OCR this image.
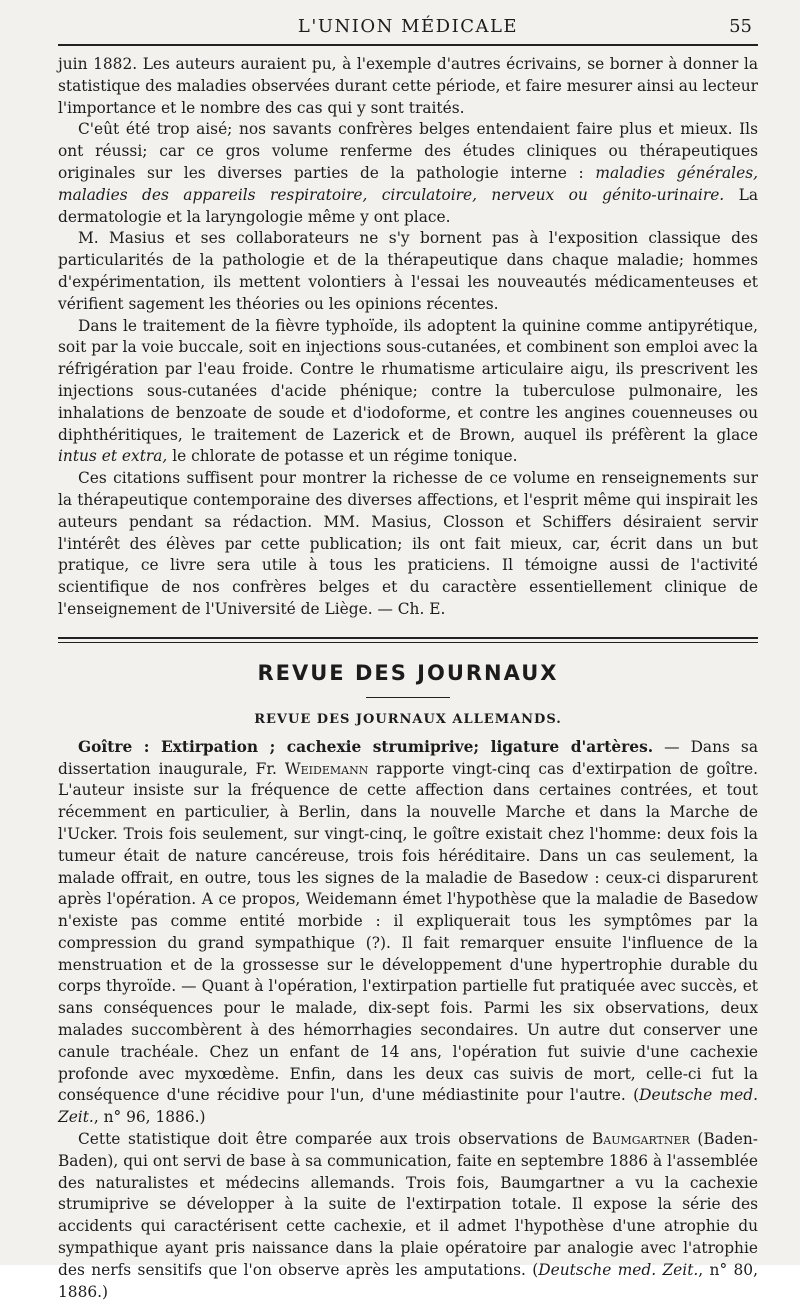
L'UNION MÉDICALE	55

juin 1882. Les auteurs auraient pu, à l'exemple d'autres écrivains, se borner à donner la statistique des maladies observées durant cette période, et faire mesurer ainsi au lecteur l'importance et le nombre des cas qui y sont traités.

C'eût été trop aisé; nos savants confrères belges entendaient faire plus et mieux. Ils ont réussi; car ce gros volume renferme des études cliniques ou thérapeutiques originales sur les diverses parties de la pathologie interne : maladies générales, maladies des appareils respiratoire, circulatoire, nerveux ou génito-urinaire. La dermatologie et la laryngologie même y ont place.

M. Masius et ses collaborateurs ne s'y bornent pas à l'exposition classique des particularités de la pathologie et de la thérapeutique dans chaque maladie; hommes d'expérimentation, ils mettent volontiers à l'essai les nouveautés médicamenteuses et vérifient sagement les théories ou les opinions récentes.

Dans le traitement de la fièvre typhoïde, ils adoptent la quinine comme antipyrétique, soit par la voie buccale, soit en injections sous-cutanées, et combinent son emploi avec la réfrigération par l'eau froide. Contre le rhumatisme articulaire aigu, ils prescrivent les injections sous-cutanées d'acide phénique; contre la tuberculose pulmonaire, les inhalations de benzoate de soude et d'iodoforme, et contre les angines couenneuses ou diphthéritiques, le traitement de Lazerick et de Brown, auquel ils préfèrent la glace intus et extra, le chlorate de potasse et un régime tonique.

Ces citations suffisent pour montrer la richesse de ce volume en renseignements sur la thérapeutique contemporaine des diverses affections, et l'esprit même qui inspirait les auteurs pendant sa rédaction. MM. Masius, Closson et Schiffers désiraient servir l'intérêt des élèves par cette publication; ils ont fait mieux, car, écrit dans un but pratique, ce livre sera utile à tous les praticiens. Il témoigne aussi de l'activité scientifique de nos confrères belges et du caractère essentiellement clinique de l'enseignement de l'Université de Liège. — Ch. E.

REVUE DES JOURNAUX
REVUE DES JOURNAUX ALLEMANDS.

Goître : Extirpation ; cachexie strumiprive; ligature d'artères. — Dans sa dissertation inaugurale, Fr. Weidemann rapporte vingt-cinq cas d'extirpation de goître. L'auteur insiste sur la fréquence de cette affection dans certaines contrées, et tout récemment en particulier, à Berlin, dans la nouvelle Marche et dans la Marche de l'Ucker. Trois fois seulement, sur vingt-cinq, le goître existait chez l'homme: deux fois la tumeur était de nature cancéreuse, trois fois héréditaire. Dans un cas seulement, la malade offrait, en outre, tous les signes de la maladie de Basedow : ceux-ci disparurent après l'opération. A ce propos, Weidemann émet l'hypothèse que la maladie de Basedow n'existe pas comme entité morbide : il expliquerait tous les symptômes par la compression du grand sympathique (?). Il fait remarquer ensuite l'influence de la menstruation et de la grossesse sur le développement d'une hypertrophie durable du corps thyroïde. — Quant à l'opération, l'extirpation partielle fut pratiquée avec succès, et sans conséquences pour le malade, dix-sept fois. Parmi les six observations, deux malades succombèrent à des hémorrhagies secondaires. Un autre dut conserver une canule trachéale. Chez un enfant de 14 ans, l'opération fut suivie d'une cachexie profonde avec myxœdème. Enfin, dans les deux cas suivis de mort, celle-ci fut la conséquence d'une récidive pour l'un, d'une médiastinite pour l'autre. (Deutsche med. Zeit., n° 96, 1886.)

Cette statistique doit être comparée aux trois observations de Baumgartner (Baden-Baden), qui ont servi de base à sa communication, faite en septembre 1886 à l'assemblée des naturalistes et médecins allemands. Trois fois, Baumgartner a vu la cachexie strumiprive se développer à la suite de l'extirpation totale. Il expose la série des accidents qui caractérisent cette cachexie, et il admet l'hypothèse d'une atrophie du sympathique ayant pris naissance dans la plaie opératoire par analogie avec l'atrophie des nerfs sensitifs que l'on observe après les amputations. (Deutsche med. Zeit., n° 80, 1886.)
